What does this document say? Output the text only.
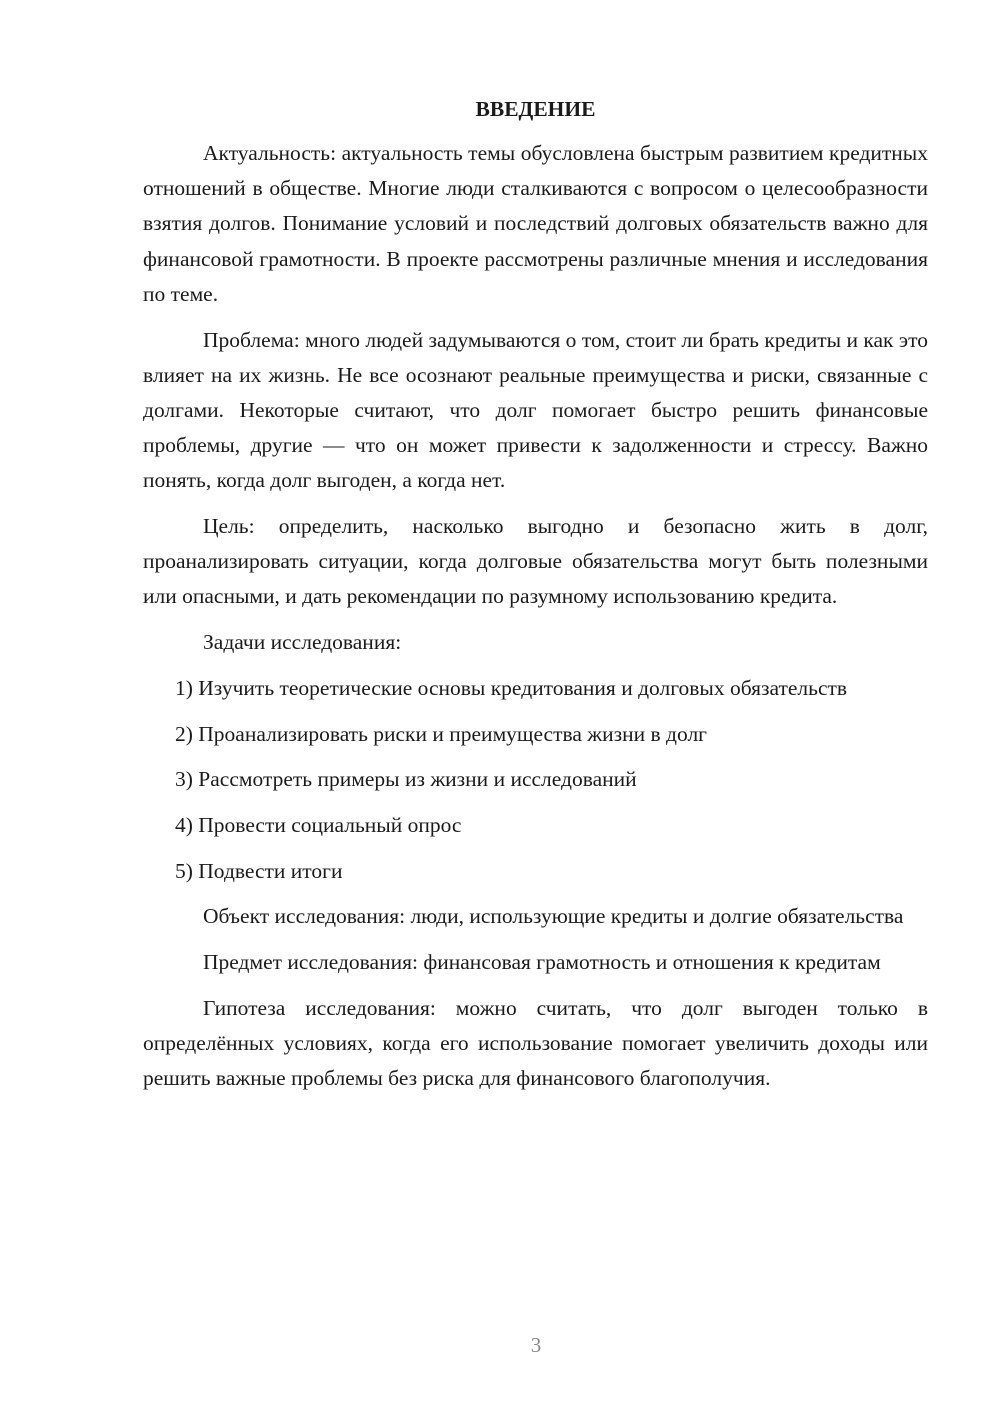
ВВЕДЕНИЕ

Актуальность: актуальность темы обусловлена быстрым развитием кредитных отношений в обществе. Многие люди сталкиваются с вопросом о целесообразности взятия долгов. Понимание условий и последствий долговых обязательств важно для финансовой грамотности. В проекте рассмотрены различные мнения и исследования по теме.

Проблема: много людей задумываются о том, стоит ли брать кредиты и как это влияет на их жизнь. Не все осознают реальные преимущества и риски, связанные с долгами. Некоторые считают, что долг помогает быстро решить финансовые проблемы, другие — что он может привести к задолженности и стрессу. Важно понять, когда долг выгоден, а когда нет.

Цель: определить, насколько выгодно и безопасно жить в долг, проанализировать ситуации, когда долговые обязательства могут быть полезными или опасными, и дать рекомендации по разумному использованию кредита.

Задачи исследования:

1) Изучить теоретические основы кредитования и долговых обязательств

2) Проанализировать риски и преимущества жизни в долг

3) Рассмотреть примеры из жизни и исследований

4) Провести социальный опрос

5) Подвести итоги

Объект исследования: люди, использующие кредиты и долгие обязательства

Предмет исследования: финансовая грамотность и отношения к кредитам

Гипотеза исследования: можно считать, что долг выгоден только в определённых условиях, когда его использование помогает увеличить доходы или решить важные проблемы без риска для финансового благополучия.

3
